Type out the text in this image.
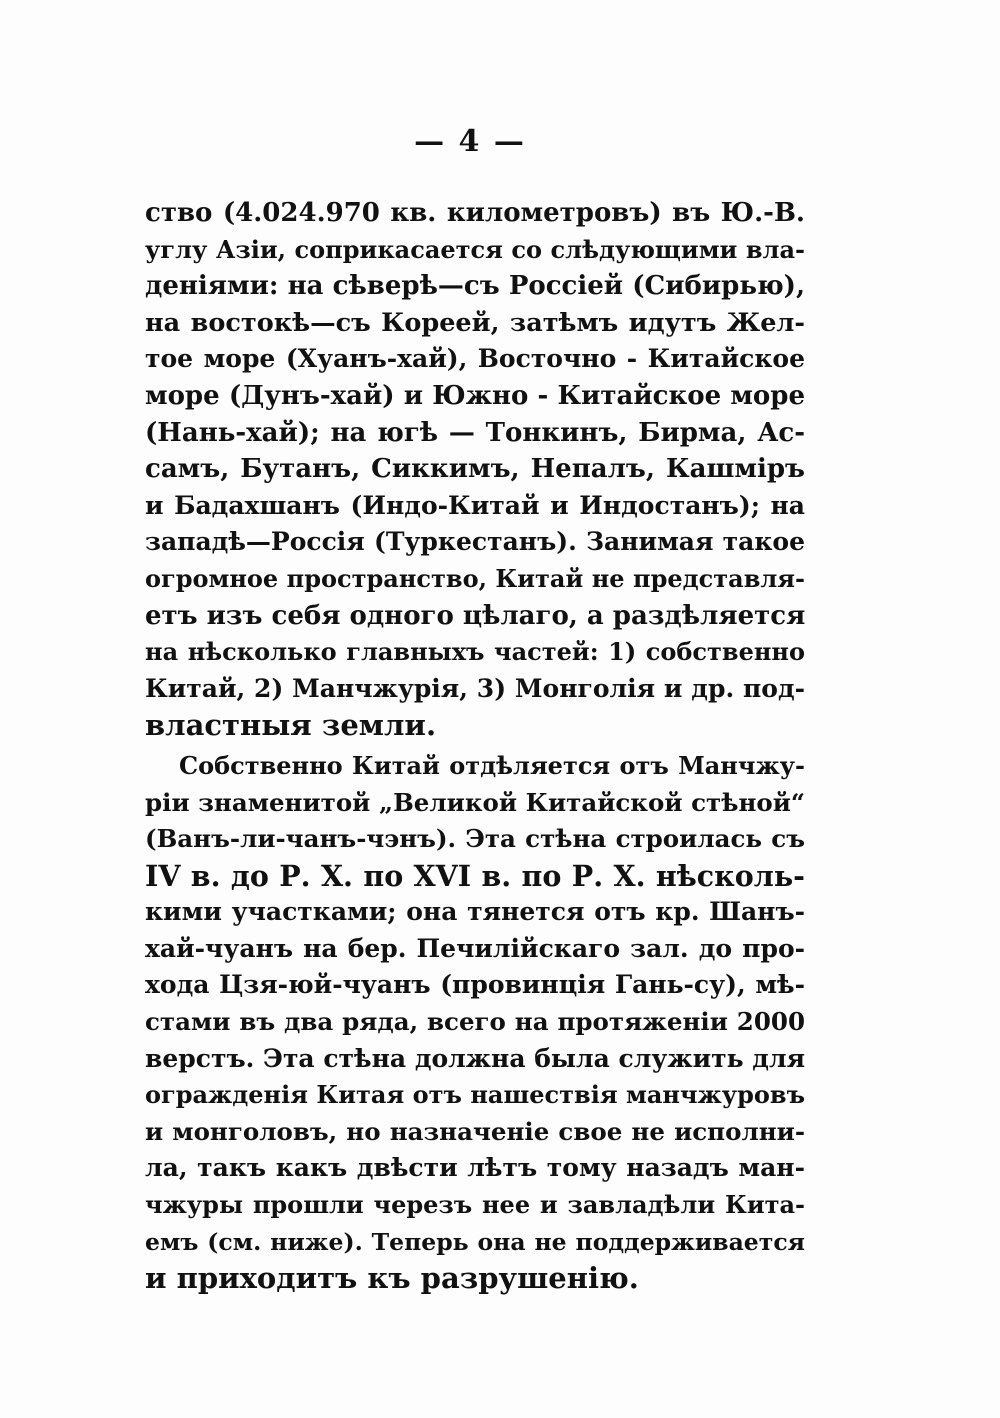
— 4 —
ство (4.024.970 кв. километровъ) въ Ю.-В.
углу Азіи, соприкасается со слѣдующими вла-
деніями: на сѣверѣ—съ Россіей (Сибирью),
на востокѣ—съ Кореей, затѣмъ идутъ Жел-
тое море (Хуанъ-хай), Восточно - Китайское
море (Дунъ-хай) и Южно - Китайское море
(Нань-хай); на югѣ — Тонкинъ, Бирма, Ас-
самъ, Бутанъ, Сиккимъ, Непалъ, Кашміръ
и Бадахшанъ (Индо-Китай и Индостанъ); на
западѣ—Россія (Туркестанъ). Занимая такое
огромное пространство, Китай не представля-
етъ изъ себя одного цѣлаго, а раздѣляется
на нѣсколько главныхъ частей: 1) собственно
Китай, 2) Манчжурія, 3) Монголія и др. под-
властныя земли.
Собственно Китай отдѣляется отъ Манчжу-
ріи знаменитой „Великой Китайской стѣной“
(Ванъ-ли-чанъ-чэнъ). Эта стѣна строилась съ
IV в. до Р. Х. по XVI в. по Р. Х. нѣсколь-
кими участками; она тянется отъ кр. Шанъ-
хай-чуанъ на бер. Печилійскаго зал. до про-
хода Цзя-юй-чуанъ (провинція Гань-су), мѣ-
стами въ два ряда, всего на протяженіи 2000
верстъ. Эта стѣна должна была служить для
огражденія Китая отъ нашествія манчжуровъ
и монголовъ, но назначеніе свое не исполни-
ла, такъ какъ двѣсти лѣтъ тому назадъ ман-
чжуры прошли черезъ нее и завладѣли Кита-
емъ (см. ниже). Теперь она не поддерживается
и приходитъ къ разрушенію.
